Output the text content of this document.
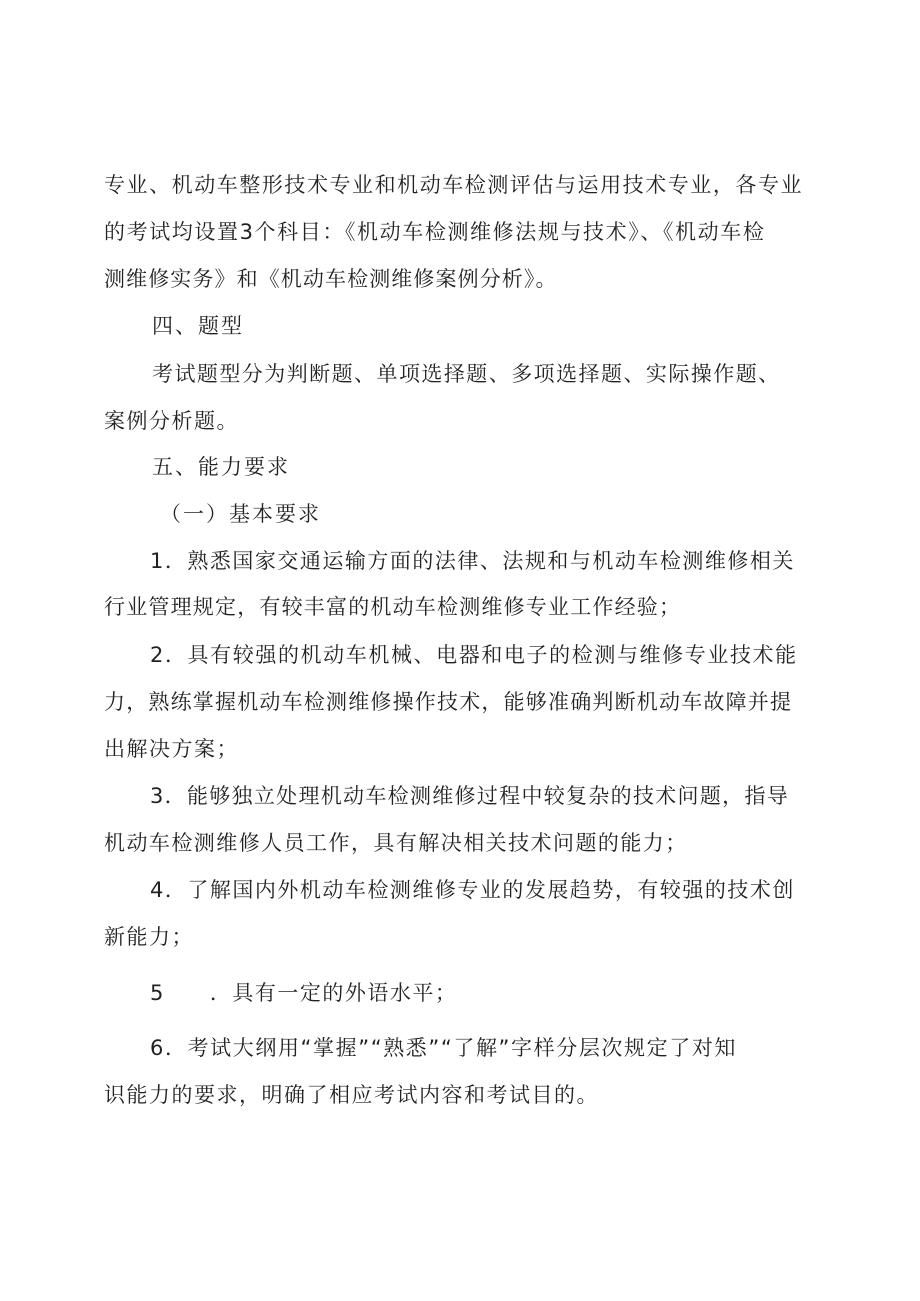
专业、机动车整形技术专业和机动车检测评估与运用技术专业，各专业
的考试均设置3个科目：《机动车检测维修法规与技术》、《机动车检
测维修实务》和《机动车检测维修案例分析》。
四、题型
考试题型分为判断题、单项选择题、多项选择题、实际操作题、
案例分析题。
五、能力要求
（一）基本要求
1．熟悉国家交通运输方面的法律、法规和与机动车检测维修相关
行业管理规定，有较丰富的机动车检测维修专业工作经验；
2．具有较强的机动车机械、电器和电子的检测与维修专业技术能
力，熟练掌握机动车检测维修操作技术，能够准确判断机动车故障并提
出解决方案；
3．能够独立处理机动车检测维修过程中较复杂的技术问题，指导
机动车检测维修人员工作，具有解决相关技术问题的能力；
4．了解国内外机动车检测维修专业的发展趋势，有较强的技术创
新能力；
5　　．具有一定的外语水平；
6．考试大纲用“掌握”“熟悉”“了解”字样分层次规定了对知
识能力的要求，明确了相应考试内容和考试目的。
